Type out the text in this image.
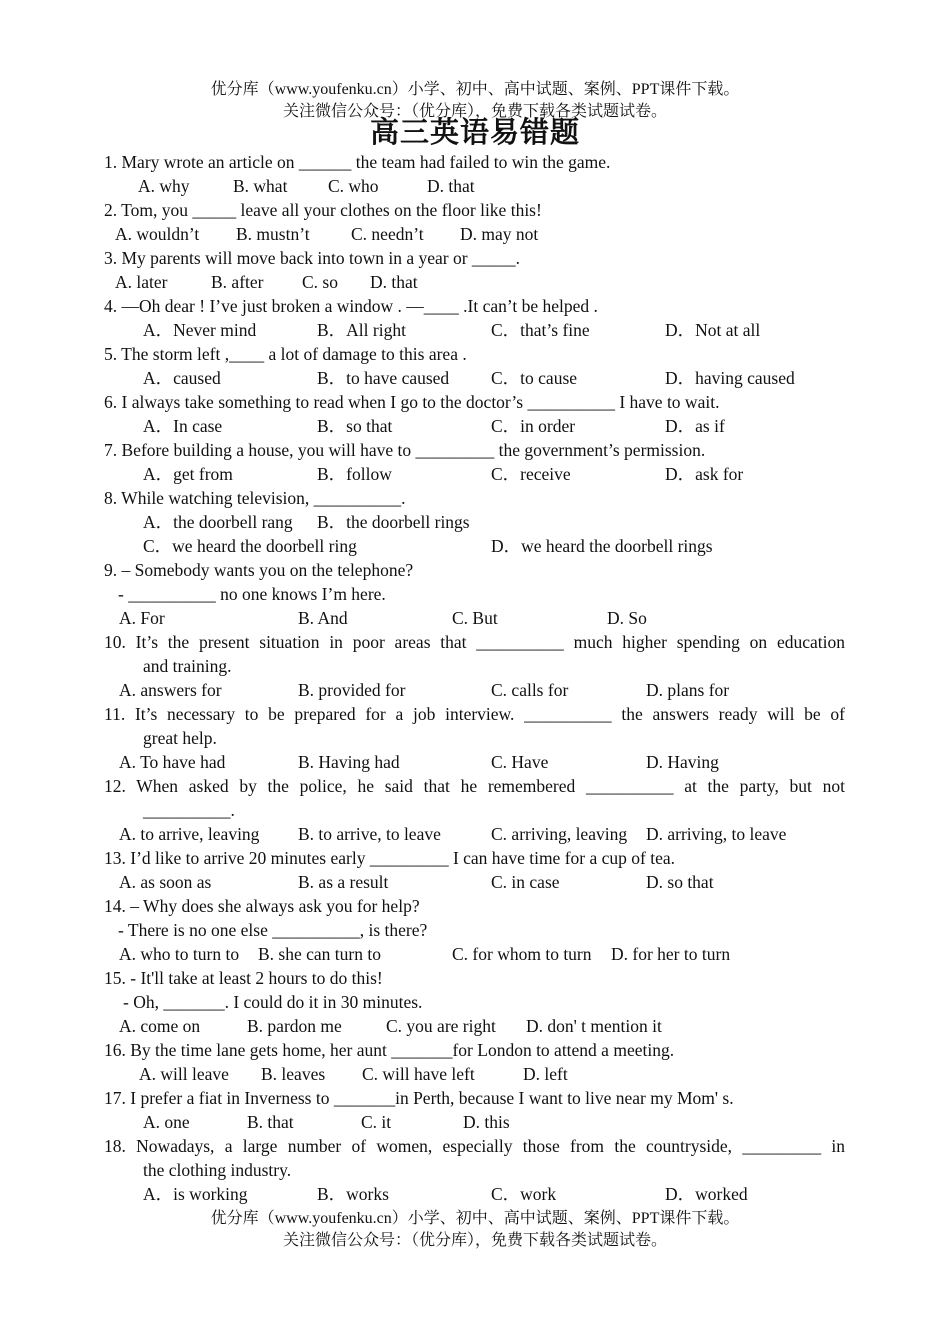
优分库（www.youfenku.cn）小学、初中、高中试题、案例、PPT课件下载。
关注微信公众号：（优分库），免费下载各类试题试卷。
高三英语易错题
1. Mary wrote an article on ______ the team had failed to win the game.
A. why B. what C. who	D. that
2. Tom, you _____ leave all your clothes on the floor like this!
A. wouldn’t B. mustn’t C. needn’t D. may not
3. My parents will move back into town in a year or _____.
A. later B. after C. so D. that
4. —Oh dear ! I’ve just broken a window . —____ .It can’t be helped .
A．Never mind	B．All right	C．that’s fine	D．Not at all
5. The storm left ,____ a lot of damage to this area .
A．caused	B．to have caused C．to cause	D．having caused
6. I always take something to read when I go to the doctor’s __________ I have to wait.
A．In case	B．so that	C．in order	D．as if
7. Before building a house, you will have to _________ the government’s permission.
A．get from	B．follow	C．receive	D．ask for
8. While watching television, __________.
A．the doorbell rang B．the doorbell rings
C．we heard the doorbell ring	D．we heard the doorbell rings
9. – Somebody wants you on the telephone?
- __________ no one knows I’m here.
A. For	B. And	C. But	D. So
10. It’s the present situation in poor areas that __________ much higher spending on education
and training.
A. answers for	B. provided for	C. calls for	D. plans for
11. It’s necessary to be prepared for a job interview. __________ the answers ready will be of
great help.
A. To have had	B. Having had	C. Have	D. Having
12. When asked by the police, he said that he remembered __________ at the party, but not
__________.
A. to arrive, leaving B. to arrive, to leave	C. arriving, leaving D. arriving, to leave
13. I’d like to arrive 20 minutes early _________ I can have time for a cup of tea.
A. as soon as	B. as a result	C. in case	D. so that
14. – Why does she always ask you for help?
- There is no one else __________, is there?
A. who to turn to B. she can turn to	C. for whom to turn D. for her to turn
15. - It'll take at least 2 hours to do this!
- Oh, _______. I could do it in 30 minutes.
A. come on	B. pardon me	C. you are right D. don' t mention it
16. By the time lane gets home, her aunt _______for London to attend a meeting.
A. will leave B. leaves C. will have left	D. left
17. I prefer a fiat in Inverness to _______in Perth, because I want to live near my Mom' s.
A. one	B. that	C. it	D. this
18. Nowadays, a large number of women, especially those from the countryside, _________ in
the clothing industry.
A．is working	B．works	C．work	D．worked
优分库（www.youfenku.cn）小学、初中、高中试题、案例、PPT课件下载。
关注微信公众号：（优分库），免费下载各类试题试卷。
